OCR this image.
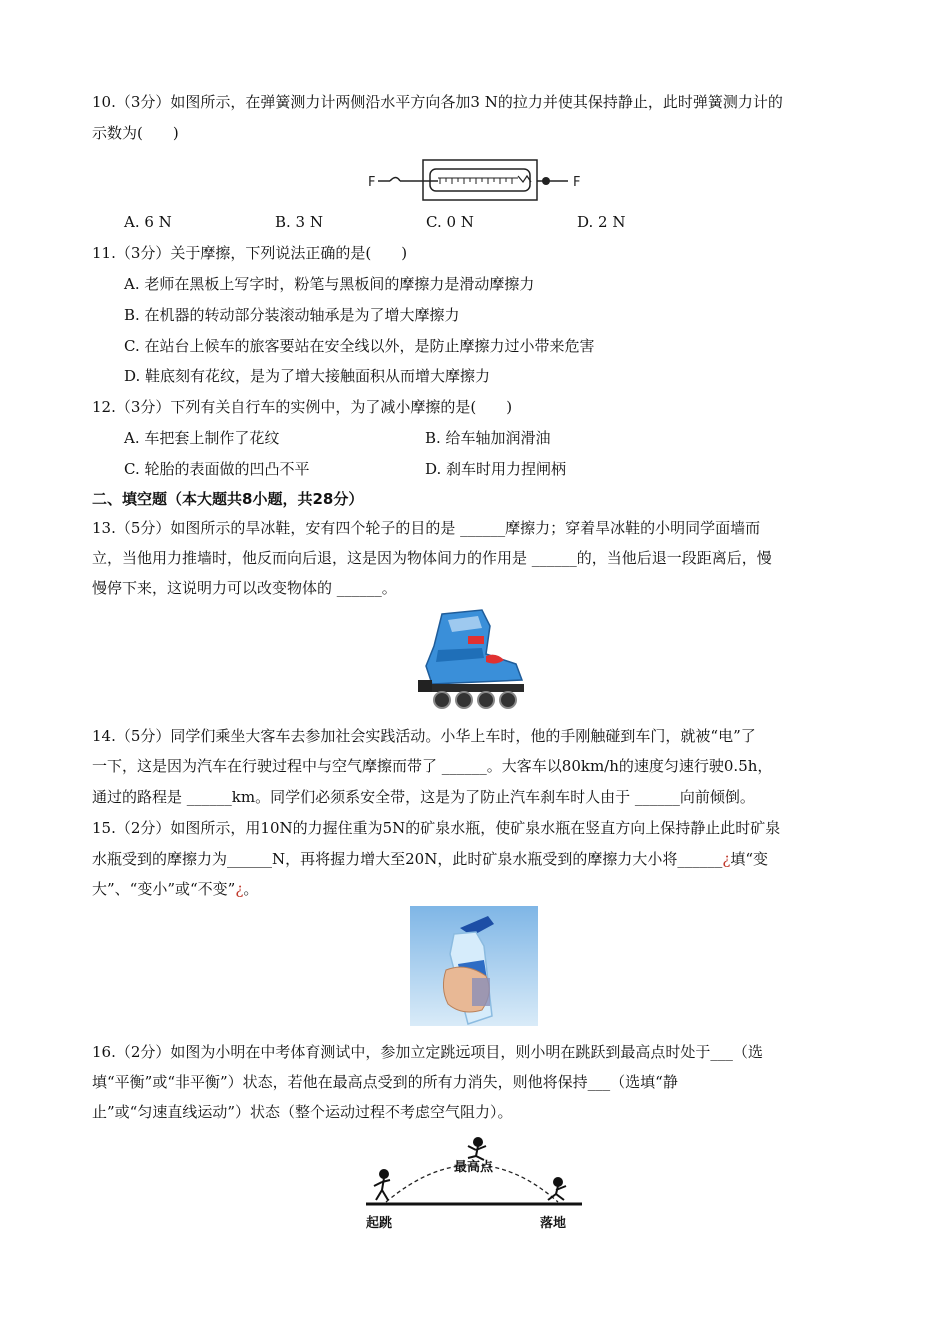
10.（3分）如图所示，在弹簧测力计两侧沿水平方向各加3 N的拉力并使其保持静止，此时弹簧测力计的
示数为(　　)
F	F
A. 6 N	B. 3 N	C. 0 N	D. 2 N
11.（3分）关于摩擦，下列说法正确的是(　　)
A. 老师在黑板上写字时，粉笔与黑板间的摩擦力是滑动摩擦力
B. 在机器的转动部分装滚动轴承是为了增大摩擦力
C. 在站台上候车的旅客要站在安全线以外，是防止摩擦力过小带来危害
D. 鞋底刻有花纹，是为了增大接触面积从而增大摩擦力
12.（3分）下列有关自行车的实例中，为了减小摩擦的是(　　)
A. 车把套上制作了花纹	B. 给车轴加润滑油
C. 轮胎的表面做的凹凸不平	D. 刹车时用力捏闸柄
二、填空题（本大题共8小题，共28分）
13.（5分）如图所示的旱冰鞋，安有四个轮子的目的是 ______摩擦力；穿着旱冰鞋的小明同学面墙而
立，当他用力推墙时，他反而向后退，这是因为物体间力的作用是 ______的，当他后退一段距离后，慢
慢停下来，这说明力可以改变物体的 ______。
14.（5分）同学们乘坐大客车去参加社会实践活动。小华上车时，他的手刚触碰到车门，就被“电”了
一下，这是因为汽车在行驶过程中与空气摩擦而带了 ______。大客车以80km/h的速度匀速行驶0.5h，
通过的路程是 ______km。同学们必须系安全带，这是为了防止汽车刹车时人由于 ______向前倾倒。
15.（2分）如图所示，用10N的力握住重为5N的矿泉水瓶，使矿泉水瓶在竖直方向上保持静止此时矿泉
水瓶受到的摩擦力为______N，再将握力增大至20N，此时矿泉水瓶受到的摩擦力大小将______¿填“变
大”、“变小”或“不变”¿。
16.（2分）如图为小明在中考体育测试中，参加立定跳远项目，则小明在跳跃到最高点时处于___（选
填“平衡”或“非平衡”）状态，若他在最高点受到的所有力消失，则他将保持___（选填“静
止”或“匀速直线运动”）状态（整个运动过程不考虑空气阻力）。
最高点
起跳	落地
